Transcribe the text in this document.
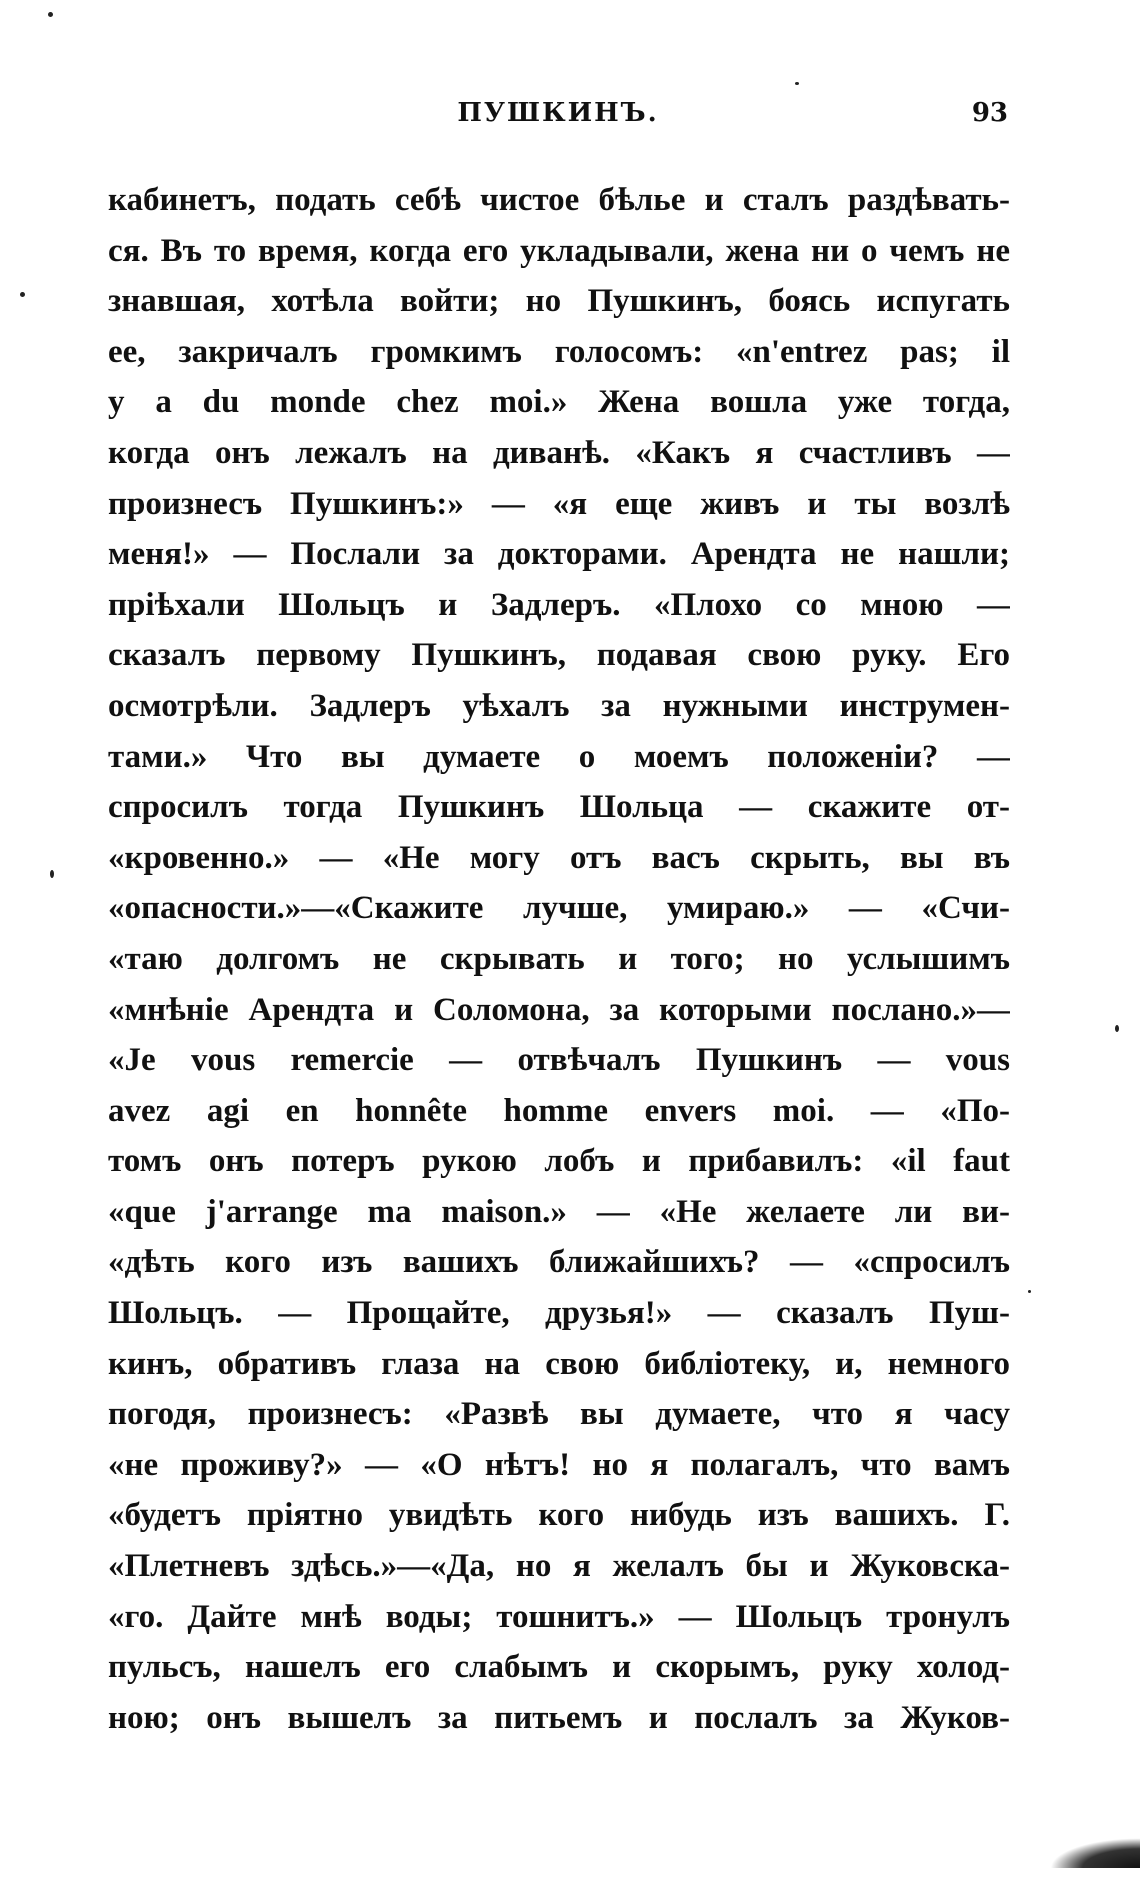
ПУШКИНЪ.	93
кабинетъ, подать себѣ чистое бѣлье и сталъ раздѣвать-
ся. Въ то время, когда его укладывали, жена ни о чемъ не
знавшая, хотѣла войти; но Пушкинъ, боясь испугать
ее, закричалъ громкимъ голосомъ: «n'entrez pas; il
y a du monde chez moi.» Жена вошла уже тогда,
когда онъ лежалъ на диванѣ. «Какъ я счастливъ —
произнесъ Пушкинъ:» — «я еще живъ и ты возлѣ
меня!» — Послали за докторами. Арендта не нашли;
пріѣхали Шольцъ и Задлеръ. «Плохо со мною —
сказалъ первому Пушкинъ, подавая свою руку. Его
осмотрѣли. Задлеръ уѣхалъ за нужными инструмен-
тами.» Что вы думаете о моемъ положеніи? —
спросилъ тогда Пушкинъ Шольца — скажите от-
«кровенно.» — «Не могу отъ васъ скрыть, вы въ
«опасности.»—«Скажите лучше, умираю.» — «Счи-
«таю долгомъ не скрывать и того; но услышимъ
«мнѣніе Арендта и Соломона, за которыми послано.»—
«Je vous remercie — отвѣчалъ Пушкинъ — vous
avez agi en honnête homme envers moi. — «По-
томъ онъ потеръ рукою лобъ и прибавилъ: «il faut
«que j'arrange ma maison.» — «Не желаете ли ви-
«дѣть кого изъ вашихъ ближайшихъ? — «спросилъ
Шольцъ. — Прощайте, друзья!» — сказалъ Пуш-
кинъ, обративъ глаза на свою библіотеку, и, немного
погодя, произнесъ: «Развѣ вы думаете, что я часу
«не проживу?» — «О нѣтъ! но я полагалъ, что вамъ
«будетъ пріятно увидѣть кого нибудь изъ вашихъ. Г.
«Плетневъ здѣсь.»—«Да, но я желалъ бы и Жуковска-
«го. Дайте мнѣ воды; тошнитъ.» — Шольцъ тронулъ
пульсъ, нашелъ его слабымъ и скорымъ, руку холод-
ною; онъ вышелъ за питьемъ и послалъ за Жуков-
